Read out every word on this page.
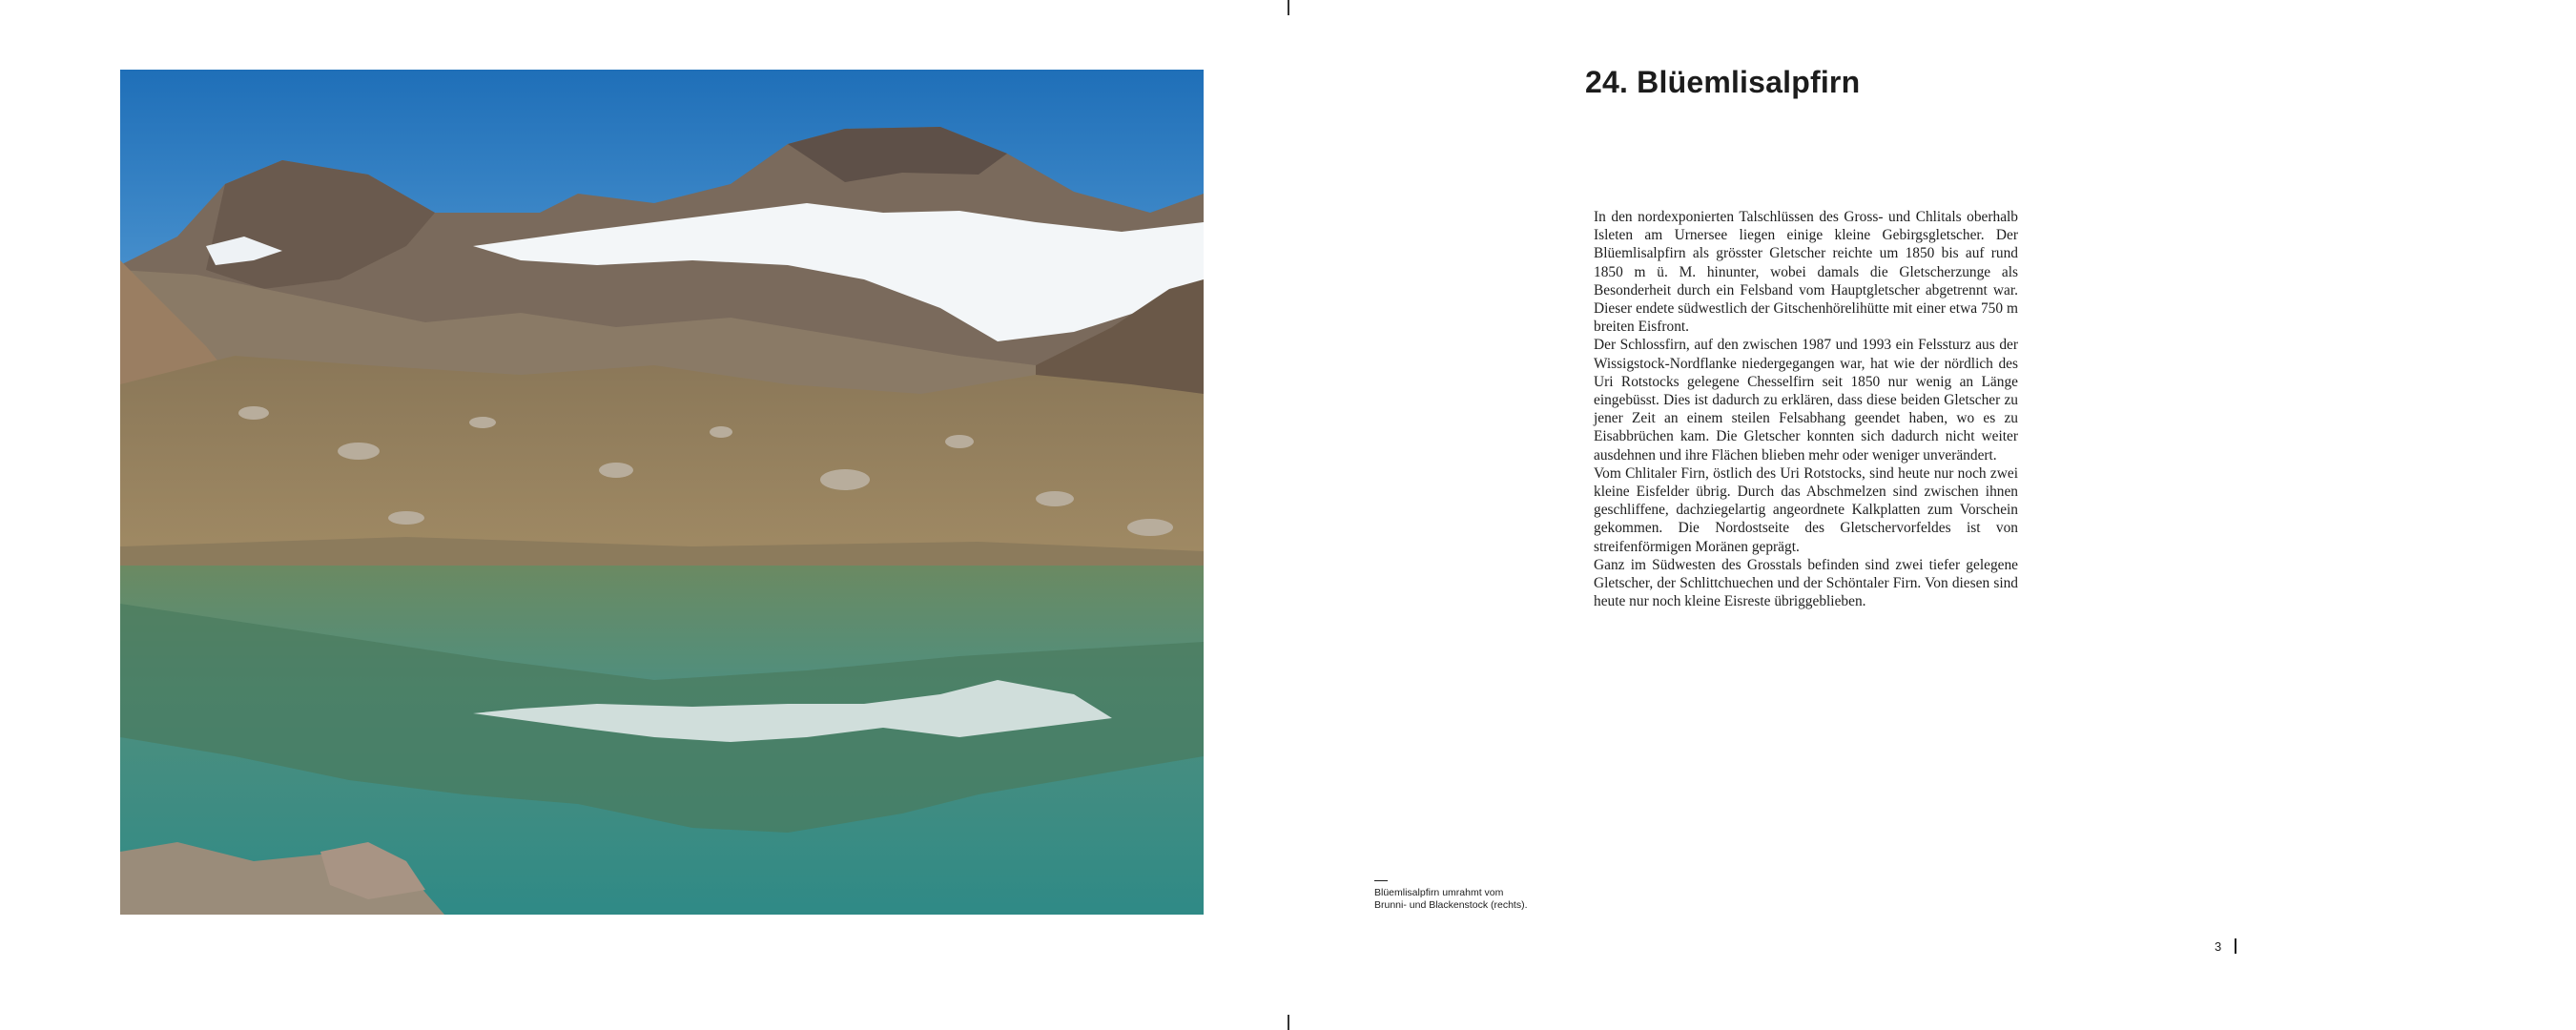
24. Blüemlisalpfirn

In den nordexponierten Talschlüssen des Gross- und Chlitals oberhalb Isleten am Urnersee liegen einige kleine Gebirgsgletscher. Der Blüemlisalpfirn als grösster Gletscher reichte um 1850 bis auf rund 1850 m ü. M. hinunter, wobei damals die Gletscherzunge als Besonderheit durch ein Felsband vom Hauptgletscher abgetrennt war. Dieser endete südwestlich der Gitschenhörelihütte mit einer etwa 750 m breiten Eisfront.

Der Schlossfirn, auf den zwischen 1987 und 1993 ein Felssturz aus der Wissigstock-Nordflanke niedergegangen war, hat wie der nördlich des Uri Rotstocks gelegene Chesselfirn seit 1850 nur wenig an Länge eingebüsst. Dies ist dadurch zu erklären, dass diese beiden Gletscher zu jener Zeit an einem steilen Felsabhang geendet haben, wo es zu Eisabbrüchen kam. Die Gletscher konnten sich dadurch nicht weiter ausdehnen und ihre Flächen blieben mehr oder weniger unverändert.

Vom Chlitaler Firn, östlich des Uri Rotstocks, sind heute nur noch zwei kleine Eisfelder übrig. Durch das Abschmelzen sind zwischen ihnen geschliffene, dachziegelartig angeordnete Kalkplatten zum Vorschein gekommen. Die Nordostseite des Gletschervorfeldes ist von streifenförmigen Moränen geprägt.

Ganz im Südwesten des Grosstals befinden sind zwei tiefer gelegene Gletscher, der Schlittchuechen und der Schöntaler Firn. Von diesen sind heute nur noch kleine Eisreste übriggeblieben.

Blüemlisalpfirn umrahmt vom
Brunni- und Blackenstock (rechts).
3
